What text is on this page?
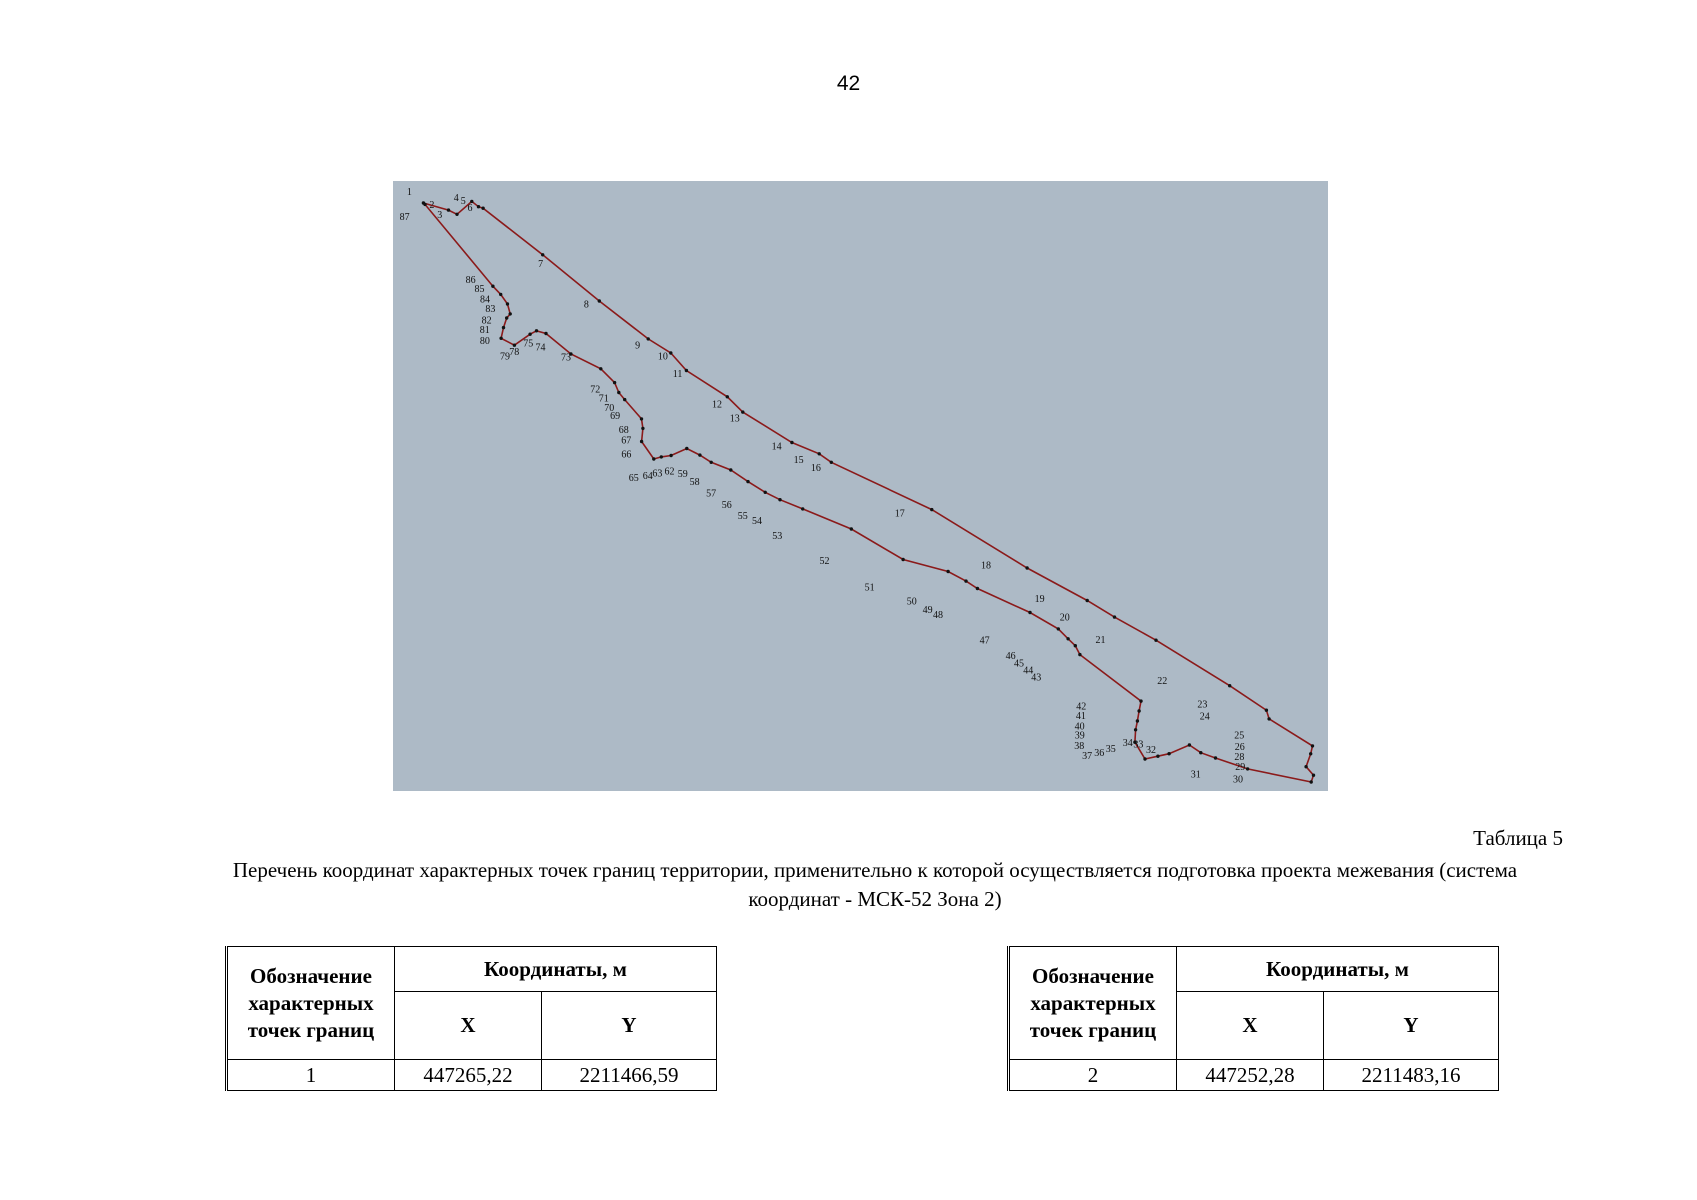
42
1
87
2
3
4 5
6
7
8
9
10
11
12
13
14
15
16
17
18
19
20
21
22
23
24
25
26
28
29
30
31
32
33
34
35
36
37
38
39
40
41
42
43
44
45
46
47
48
49
50
51
52
53
54
55
56
57
58
59
62
63
64
65
66
67
68
69
70
71
72
73
74
75
78
79
80
81
82
83
84
85
86
Таблица 5
Перечень координат характерных точек границ территории, применительно к которой осуществляется подготовка проекта межевания (система координат - МСК-52 Зона 2)
Обозначение характерных точек границ	Координаты, м	
	X	Y
1	447265,22	2211466,59
Обозначение характерных точек границ	Координаты, м	
	X	Y
2	447252,28	2211483,16
